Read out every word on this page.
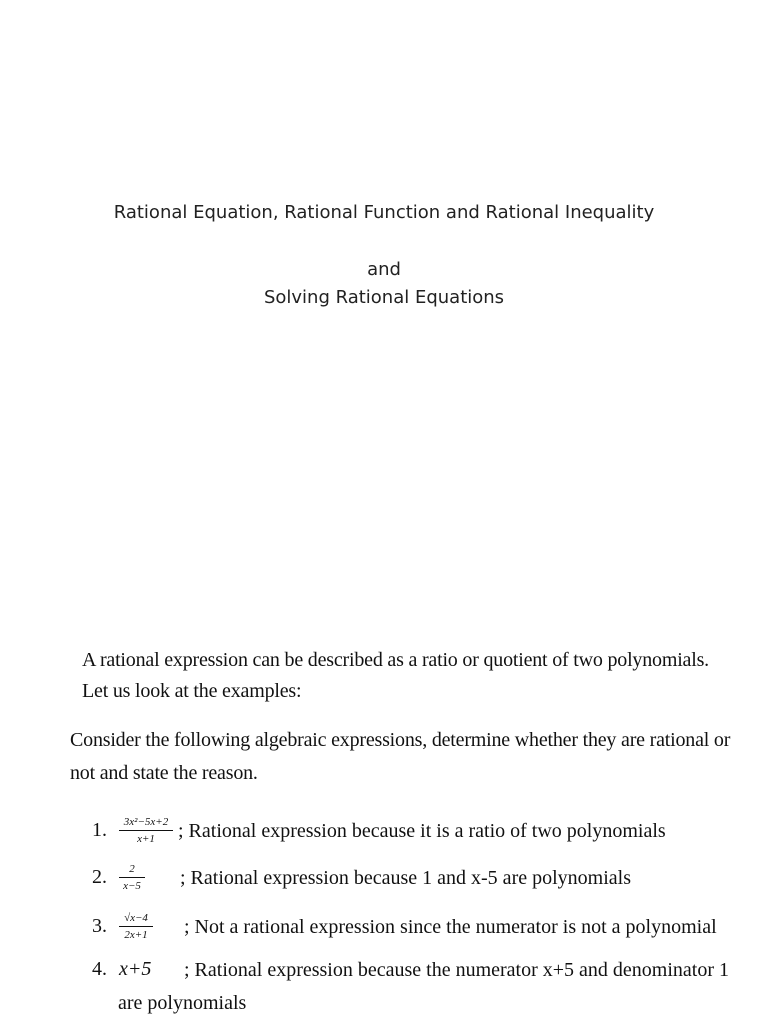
Rational Equation, Rational Function and Rational Inequality
and
Solving Rational Equations
A rational expression can be described as a ratio or quotient of two polynomials.
Let us look at the examples:
Consider the following algebraic expressions, determine whether they are rational or
not and state the reason.
1. $\frac{\text{3x²−5x+2}}{x+1}$ ; Rational expression because it is a ratio of two polynomials
2. $\frac{2}{x-5}$ ; Rational expression because 1 and x-5 are polynomials
3. $\frac{√x-4}{2x+1}$ ; Not a rational expression since the numerator is not a polynomial
4. x+5 ; Rational expression because the numerator x+5 and denominator 1
are polynomials
